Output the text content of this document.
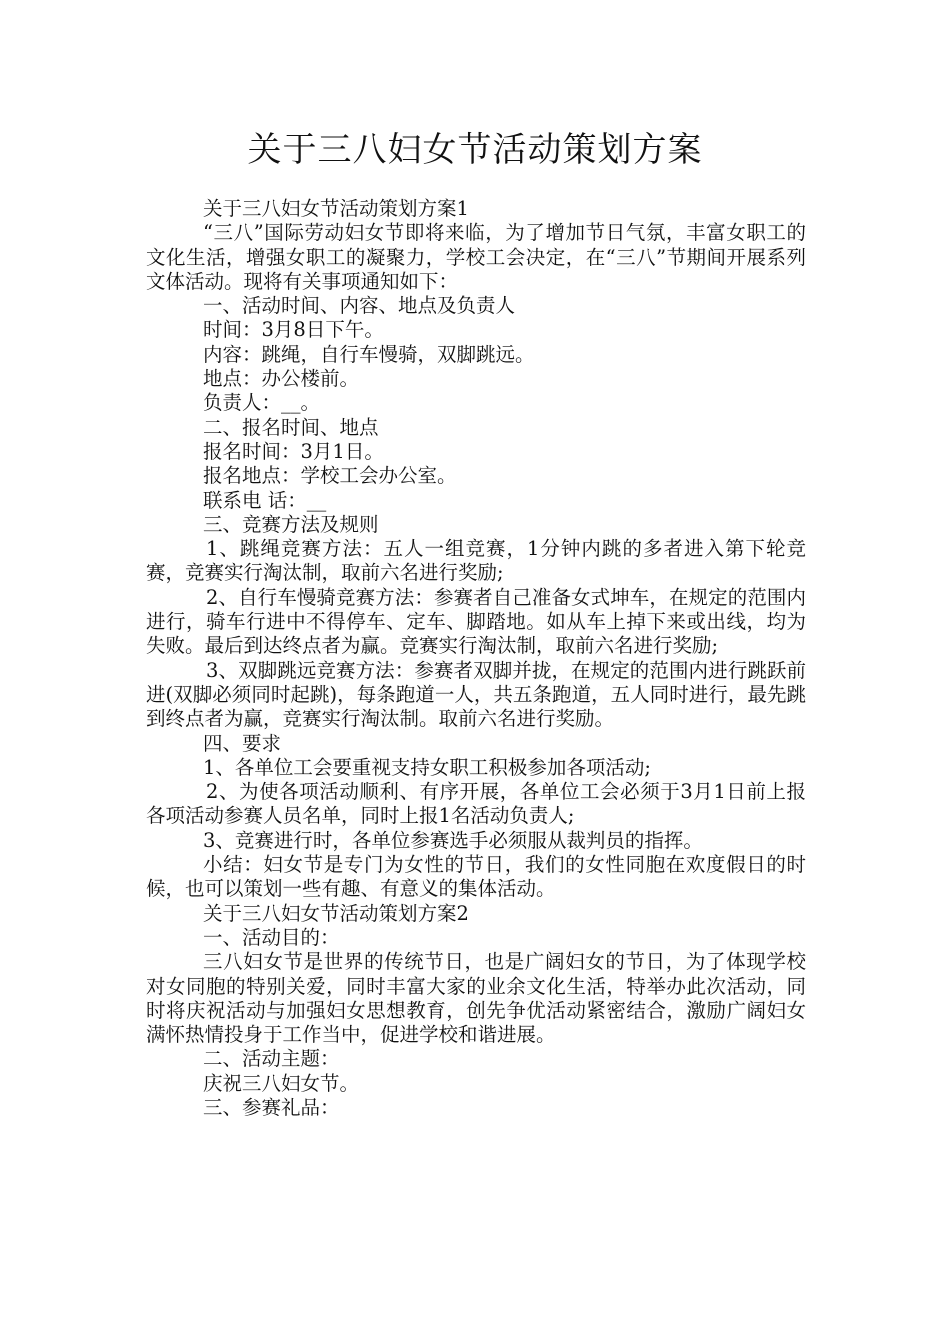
关于三八妇女节活动策划方案

关于三八妇女节活动策划方案1

“三八”国际劳动妇女节即将来临，为了增加节日气氛，丰富女职工的文化生活，增强女职工的凝聚力，学校工会决定，在“三八”节期间开展系列文体活动。现将有关事项通知如下：

一、活动时间、内容、地点及负责人

时间：3月8日下午。

内容：跳绳，自行车慢骑，双脚跳远。

地点：办公楼前。

负责人：__。

二、报名时间、地点

报名时间：3月1日。

报名地点：学校工会办公室。

联系电 话：__

三、竞赛方法及规则

1、跳绳竞赛方法：五人一组竞赛，1分钟内跳的多者进入第下轮竞赛，竞赛实行淘汰制，取前六名进行奖励;

2、自行车慢骑竞赛方法：参赛者自己准备女式坤车，在规定的范围内进行，骑车行进中不得停车、定车、脚踏地。如从车上掉下来或出线，均为失败。最后到达终点者为赢。竞赛实行淘汰制，取前六名进行奖励;

3、双脚跳远竞赛方法：参赛者双脚并拢，在规定的范围内进行跳跃前进(双脚必须同时起跳)，每条跑道一人，共五条跑道，五人同时进行，最先跳到终点者为赢，竞赛实行淘汰制。取前六名进行奖励。

四、要求

1、各单位工会要重视支持女职工积极参加各项活动;

2、为使各项活动顺利、有序开展，各单位工会必须于3月1日前上报各项活动参赛人员名单，同时上报1名活动负责人;

3、竞赛进行时，各单位参赛选手必须服从裁判员的指挥。

小结：妇女节是专门为女性的节日，我们的女性同胞在欢度假日的时候，也可以策划一些有趣、有意义的集体活动。

关于三八妇女节活动策划方案2

一、活动目的：

三八妇女节是世界的传统节日，也是广阔妇女的节日，为了体现学校对女同胞的特别关爱，同时丰富大家的业余文化生活，特举办此次活动，同时将庆祝活动与加强妇女思想教育，创先争优活动紧密结合，激励广阔妇女满怀热情投身于工作当中，促进学校和谐进展。

二、活动主题：

庆祝三八妇女节。

三、参赛礼品：
